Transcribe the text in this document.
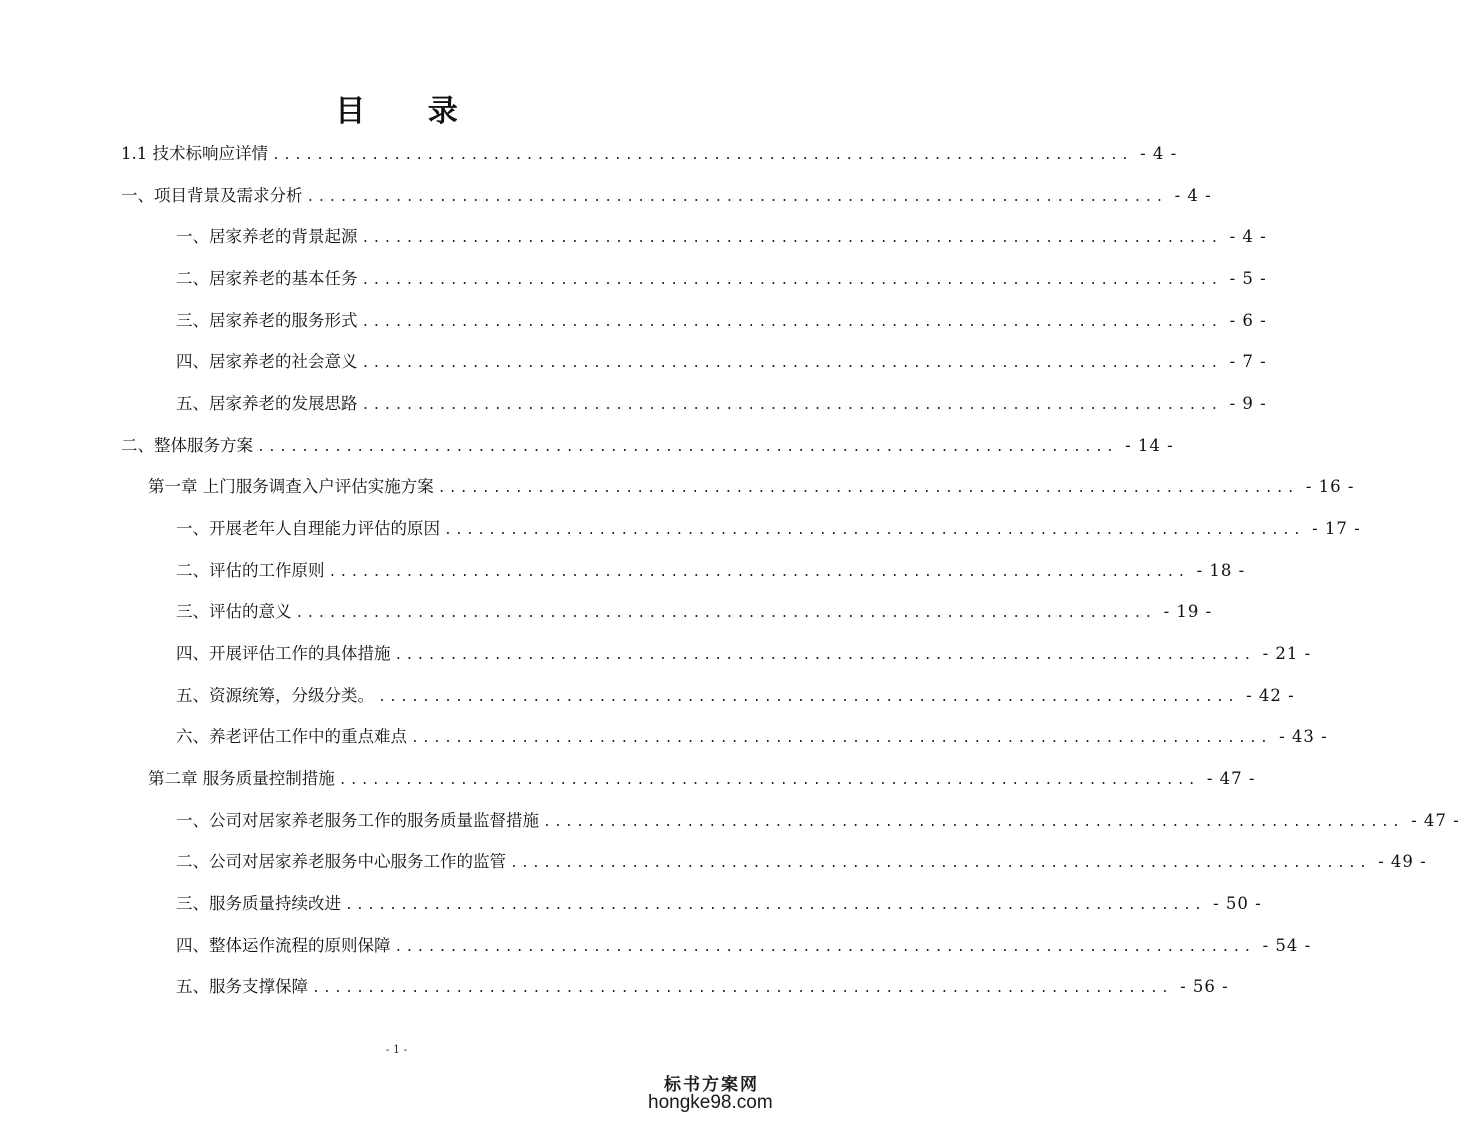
目 录
1.1 技术标响应详情 .............................................................................. - 4 -
一、项目背景及需求分析 .............................................................................. - 4 -
一、居家养老的背景起源 .............................................................................. - 4 -
二、居家养老的基本任务 .............................................................................. - 5 -
三、居家养老的服务形式 .............................................................................. - 6 -
四、居家养老的社会意义 .............................................................................. - 7 -
五、居家养老的发展思路 .............................................................................. - 9 -
二、整体服务方案 .............................................................................. - 14 -
第一章 上门服务调查入户评估实施方案 .............................................................................. - 16 -
一、开展老年人自理能力评估的原因 .............................................................................. - 17 -
二、评估的工作原则 .............................................................................. - 18 -
三、评估的意义 .............................................................................. - 19 -
四、开展评估工作的具体措施 .............................................................................. - 21 -
五、资源统筹，分级分类。 .............................................................................. - 42 -
六、养老评估工作中的重点难点 .............................................................................. - 43 -
第二章 服务质量控制措施 .............................................................................. - 47 -
一、公司对居家养老服务工作的服务质量监督措施 .............................................................................. - 47 -
二、公司对居家养老服务中心服务工作的监管 .............................................................................. - 49 -
三、服务质量持续改进 .............................................................................. - 50 -
四、整体运作流程的原则保障 .............................................................................. - 54 -
五、服务支撑保障 .............................................................................. - 56 -
- 1 -
标书方案网
hongke98.com
